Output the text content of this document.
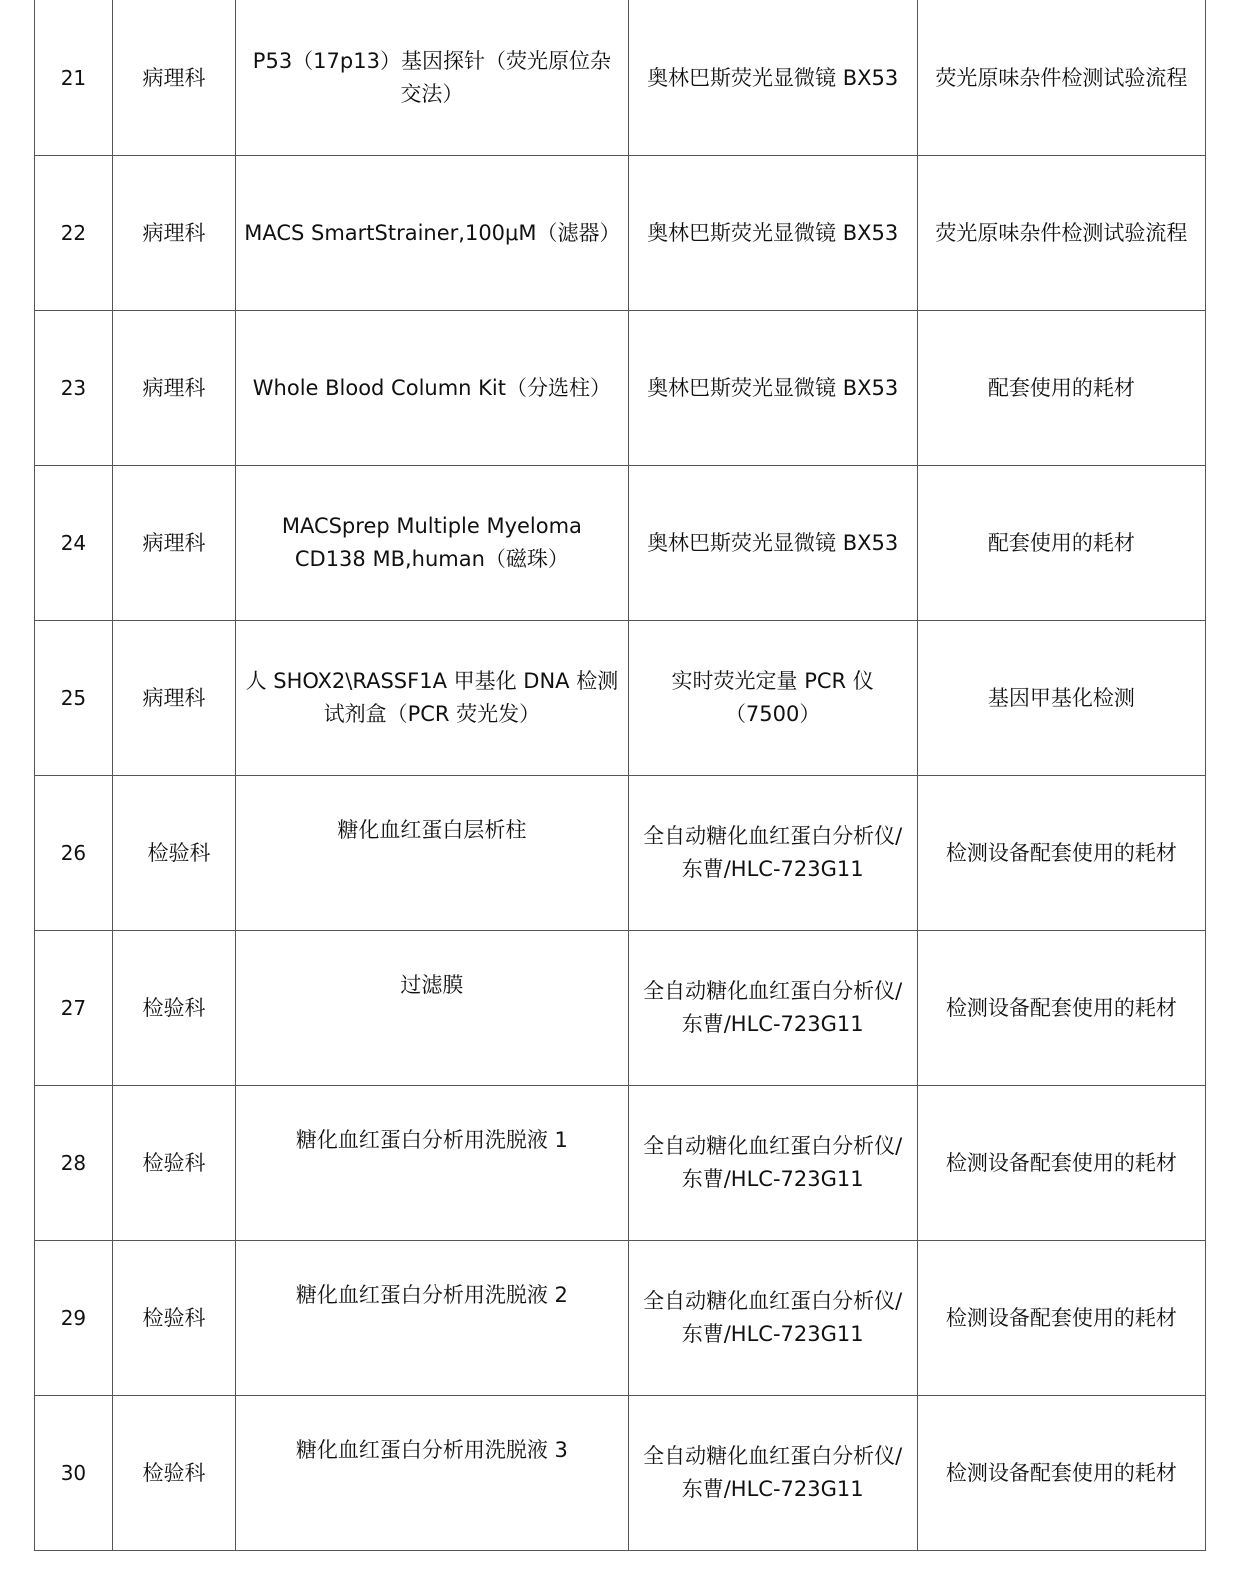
21	病理科	P53（17p13）基因探针（荧光原位杂交法）	奥林巴斯荧光显微镜 BX53	荧光原味杂件检测试验流程
22	病理科	MACS SmartStrainer,100μM（滤器）	奥林巴斯荧光显微镜 BX53	荧光原味杂件检测试验流程
23	病理科	Whole Blood Column Kit（分选柱）	奥林巴斯荧光显微镜 BX53	配套使用的耗材
24	病理科	MACSprep Multiple Myeloma CD138 MB,human（磁珠）	奥林巴斯荧光显微镜 BX53	配套使用的耗材
25	病理科	人 SHOX2\RASSF1A 甲基化 DNA 检测试剂盒（PCR 荧光发）	实时荧光定量 PCR 仪（7500）	基因甲基化检测
26	检验科	糖化血红蛋白层析柱	全自动糖化血红蛋白分析仪/东曹/HLC-723G11	检测设备配套使用的耗材
27	检验科	过滤膜	全自动糖化血红蛋白分析仪/东曹/HLC-723G11	检测设备配套使用的耗材
28	检验科	糖化血红蛋白分析用洗脱液 1	全自动糖化血红蛋白分析仪/东曹/HLC-723G11	检测设备配套使用的耗材
29	检验科	糖化血红蛋白分析用洗脱液 2	全自动糖化血红蛋白分析仪/东曹/HLC-723G11	检测设备配套使用的耗材
30	检验科	糖化血红蛋白分析用洗脱液 3	全自动糖化血红蛋白分析仪/东曹/HLC-723G11	检测设备配套使用的耗材
